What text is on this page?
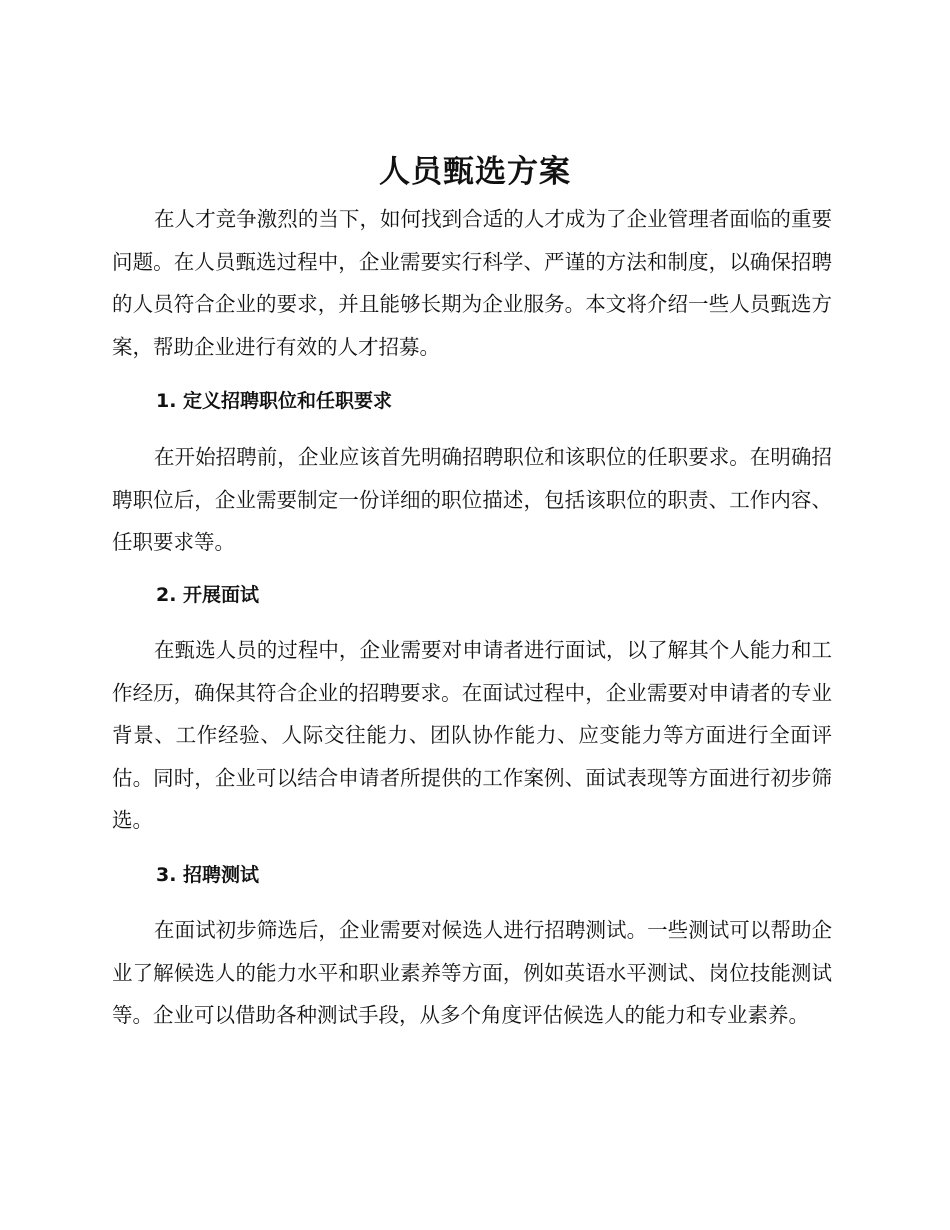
人员甄选方案

在人才竞争激烈的当下，如何找到合适的人才成为了企业管理者面临的重要问题。在人员甄选过程中，企业需要实行科学、严谨的方法和制度，以确保招聘的人员符合企业的要求，并且能够长期为企业服务。本文将介绍一些人员甄选方案，帮助企业进行有效的人才招募。

1. 定义招聘职位和任职要求

在开始招聘前，企业应该首先明确招聘职位和该职位的任职要求。在明确招聘职位后，企业需要制定一份详细的职位描述，包括该职位的职责、工作内容、任职要求等。

2. 开展面试

在甄选人员的过程中，企业需要对申请者进行面试，以了解其个人能力和工作经历，确保其符合企业的招聘要求。在面试过程中，企业需要对申请者的专业背景、工作经验、人际交往能力、团队协作能力、应变能力等方面进行全面评估。同时，企业可以结合申请者所提供的工作案例、面试表现等方面进行初步筛选。

3. 招聘测试

在面试初步筛选后，企业需要对候选人进行招聘测试。一些测试可以帮助企业了解候选人的能力水平和职业素养等方面，例如英语水平测试、岗位技能测试等。企业可以借助各种测试手段，从多个角度评估候选人的能力和专业素养。
